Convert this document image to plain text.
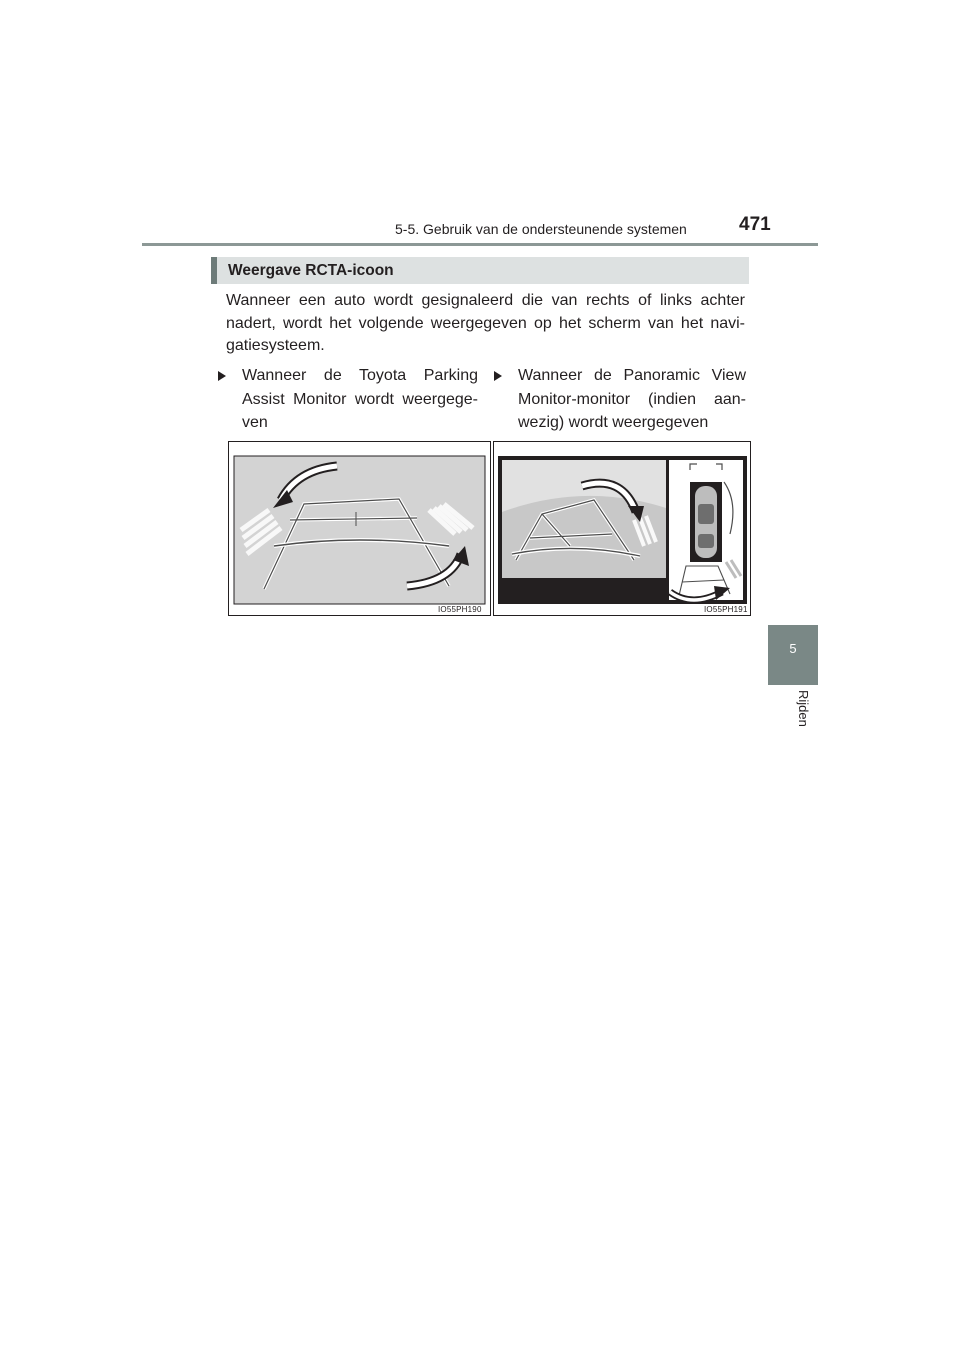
5-5. Gebruik van de ondersteunende systemen	471
5
Rijden
Weergave RCTA-icoon
Wanneer een auto wordt gesignaleerd die van rechts of links achter nadert, wordt het volgende weergegeven op het scherm van het navigatiesysteem.
Wanneer de Toyota Parking Assist Monitor wordt weergegeven
Wanneer de Panoramic View Monitor-monitor (indien aanwezig) wordt weergegeven
IO55PH190	IO55PH191
